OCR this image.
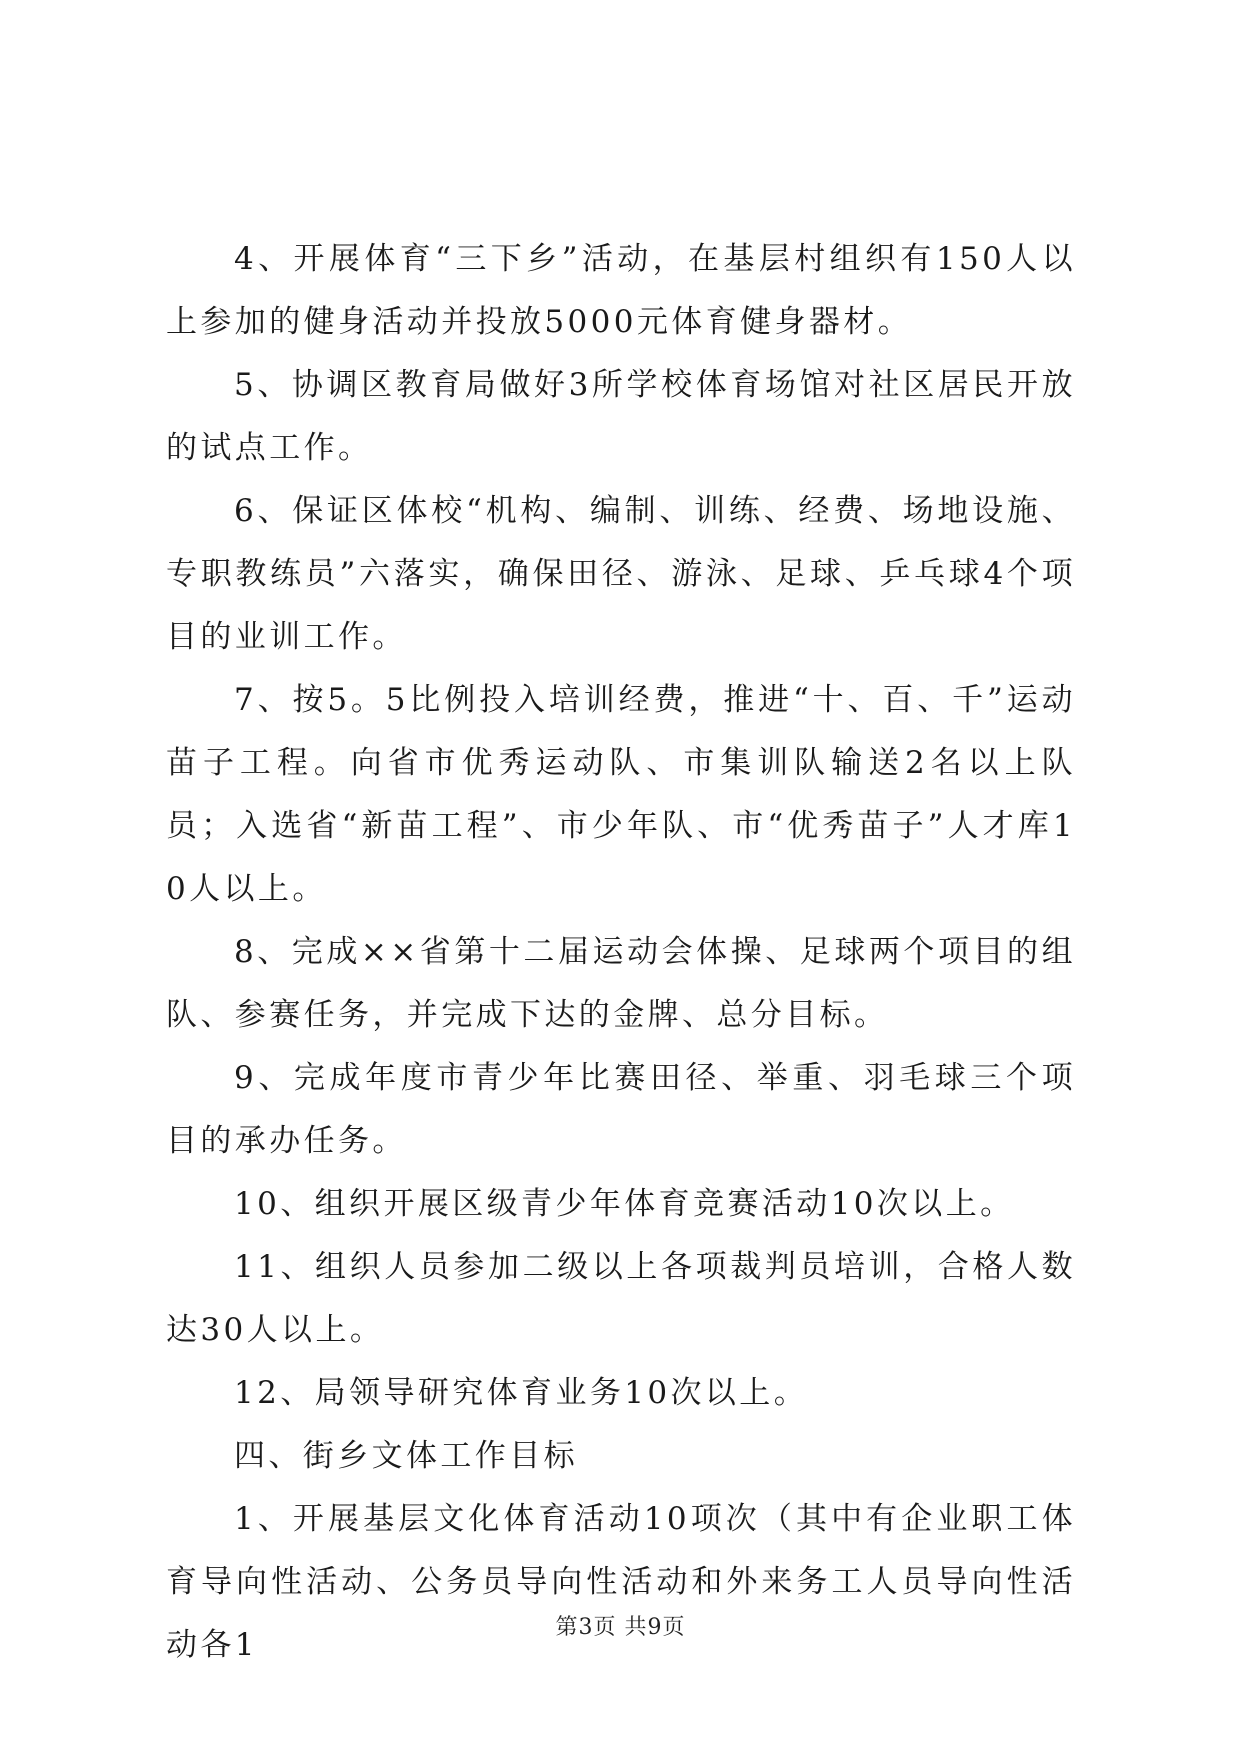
4、开展体育“三下乡”活动，在基层村组织有150人以上参加的健身活动并投放5000元体育健身器材。

5、协调区教育局做好3所学校体育场馆对社区居民开放的试点工作。

6、保证区体校“机构、编制、训练、经费、场地设施、专职教练员”六落实，确保田径、游泳、足球、乒乓球4个项目的业训工作。

7、按5。5比例投入培训经费，推进“十、百、千”运动苗子工程。向省市优秀运动队、市集训队输送2名以上队员；入选省“新苗工程”、市少年队、市“优秀苗子”人才库10人以上。

8、完成××省第十二届运动会体操、足球两个项目的组队、参赛任务，并完成下达的金牌、总分目标。

9、完成年度市青少年比赛田径、举重、羽毛球三个项目的承办任务。

10、组织开展区级青少年体育竞赛活动10次以上。

11、组织人员参加二级以上各项裁判员培训，合格人数达30人以上。

12、局领导研究体育业务10次以上。

四、街乡文体工作目标

1、开展基层文化体育活动10项次（其中有企业职工体育导向性活动、公务员导向性活动和外来务工人员导向性活动各1	第3页 共9页
